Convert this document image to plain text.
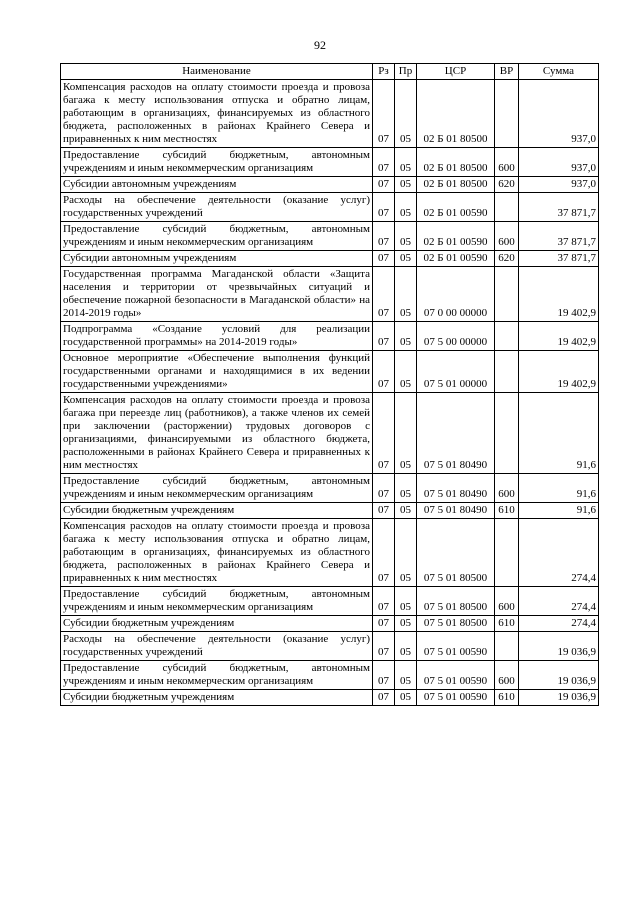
92
Наименование	Рз	Пр	ЦСР	ВР	Сумма
Компенсация расходов на оплату стоимости проезда и провоза багажа к месту использования отпуска и обратно лицам, работающим в организациях, финансируемых из областного бюджета, расположенных в районах Крайнего Севера и приравненных к ним местностях	07	05	02 Б 01 80500		937,0
Предоставление субсидий бюджетным, автономным учреждениям и иным некоммерческим организациям	07	05	02 Б 01 80500	600	937,0
Субсидии автономным учреждениям	07	05	02 Б 01 80500	620	937,0
Расходы на обеспечение деятельности (оказание услуг) государственных учреждений	07	05	02 Б 01 00590		37 871,7
Предоставление субсидий бюджетным, автономным учреждениям и иным некоммерческим организациям	07	05	02 Б 01 00590	600	37 871,7
Субсидии автономным учреждениям	07	05	02 Б 01 00590	620	37 871,7
Государственная программа Магаданской области «Защита населения и территории от чрезвычайных ситуаций и обеспечение пожарной безопасности в Магаданской области» на 2014-2019 годы»	07	05	07 0 00 00000		19 402,9
Подпрограмма «Создание условий для реализации государственной программы» на 2014-2019 годы»	07	05	07 5 00 00000		19 402,9
Основное мероприятие «Обеспечение выполнения функций государственными органами и находящимися в их ведении государственными учреждениями»	07	05	07 5 01 00000		19 402,9
Компенсация расходов на оплату стоимости проезда и провоза багажа при переезде лиц (работников), а также членов их семей при заключении (расторжении) трудовых договоров с организациями, финансируемыми из областного бюджета, расположенными в районах Крайнего Севера и приравненных к ним местностях	07	05	07 5 01 80490		91,6
Предоставление субсидий бюджетным, автономным учреждениям и иным некоммерческим организациям	07	05	07 5 01 80490	600	91,6
Субсидии бюджетным учреждениям	07	05	07 5 01 80490	610	91,6
Компенсация расходов на оплату стоимости проезда и провоза багажа к месту использования отпуска и обратно лицам, работающим в организациях, финансируемых из областного бюджета, расположенных в районах Крайнего Севера и приравненных к ним местностях	07	05	07 5 01 80500		274,4
Предоставление субсидий бюджетным, автономным учреждениям и иным некоммерческим организациям	07	05	07 5 01 80500	600	274,4
Субсидии бюджетным учреждениям	07	05	07 5 01 80500	610	274,4
Расходы на обеспечение деятельности (оказание услуг) государственных учреждений	07	05	07 5 01 00590		19 036,9
Предоставление субсидий бюджетным, автономным учреждениям и иным некоммерческим организациям	07	05	07 5 01 00590	600	19 036,9
Субсидии бюджетным учреждениям	07	05	07 5 01 00590	610	19 036,9
